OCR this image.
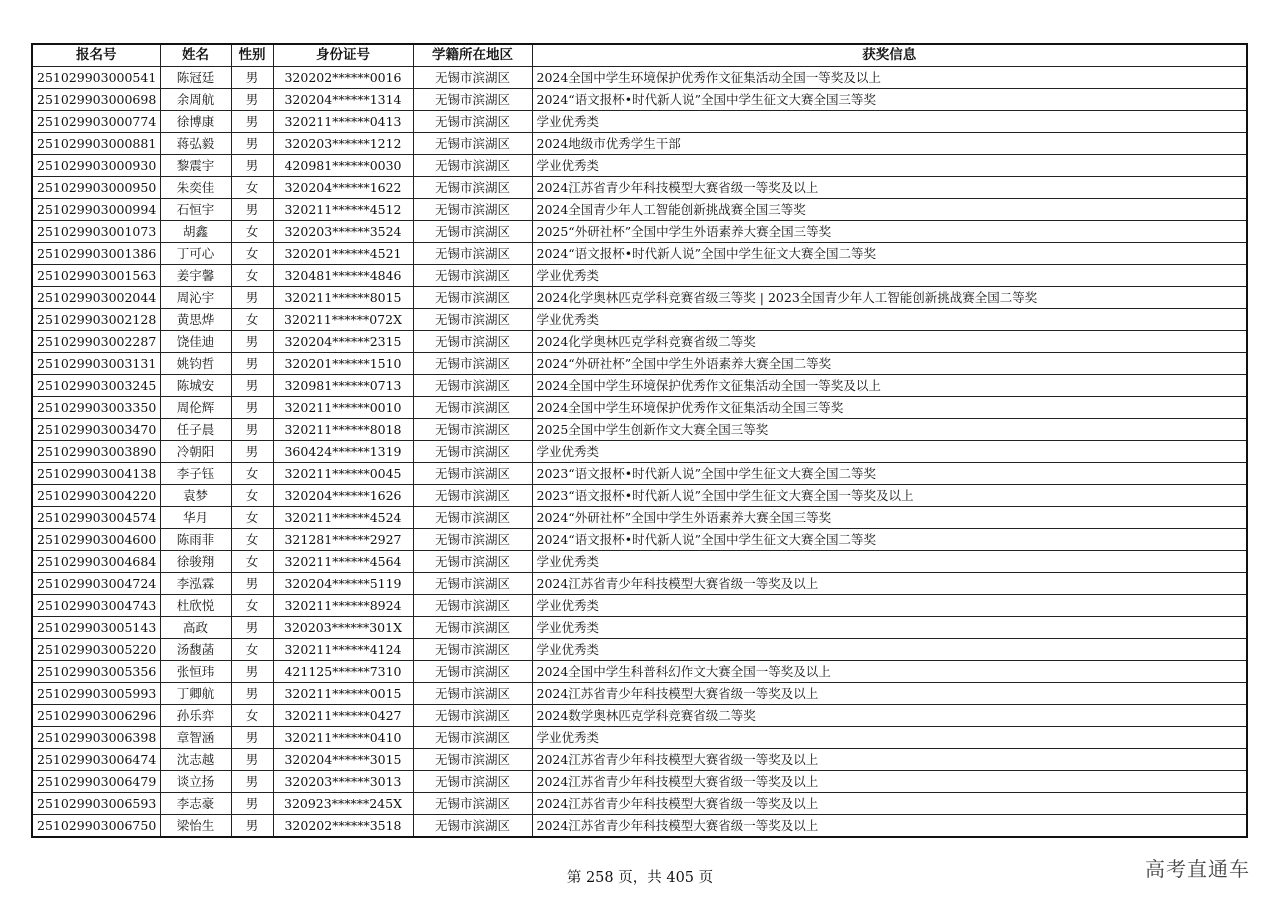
报名号	姓名	性别	身份证号	学籍所在地区	获奖信息
251029903000541	陈冠廷	男	320202******0016	无锡市滨湖区	2024全国中学生环境保护优秀作文征集活动全国一等奖及以上
251029903000698	余周航	男	320204******1314	无锡市滨湖区	2024“语文报杯•时代新人说”全国中学生征文大赛全国三等奖
251029903000774	徐博康	男	320211******0413	无锡市滨湖区	学业优秀类
251029903000881	蒋弘毅	男	320203******1212	无锡市滨湖区	2024地级市优秀学生干部
251029903000930	黎震宇	男	420981******0030	无锡市滨湖区	学业优秀类
251029903000950	朱奕佳	女	320204******1622	无锡市滨湖区	2024江苏省青少年科技模型大赛省级一等奖及以上
251029903000994	石恒宇	男	320211******4512	无锡市滨湖区	2024全国青少年人工智能创新挑战赛全国三等奖
251029903001073	胡鑫	女	320203******3524	无锡市滨湖区	2025“外研社杯”全国中学生外语素养大赛全国三等奖
251029903001386	丁可心	女	320201******4521	无锡市滨湖区	2024“语文报杯•时代新人说”全国中学生征文大赛全国二等奖
251029903001563	姜宇馨	女	320481******4846	无锡市滨湖区	学业优秀类
251029903002044	周沁宇	男	320211******8015	无锡市滨湖区	2024化学奥林匹克学科竞赛省级三等奖 | 2023全国青少年人工智能创新挑战赛全国二等奖
251029903002128	黄思烨	女	320211******072X	无锡市滨湖区	学业优秀类
251029903002287	饶佳迪	男	320204******2315	无锡市滨湖区	2024化学奥林匹克学科竞赛省级二等奖
251029903003131	姚钧哲	男	320201******1510	无锡市滨湖区	2024“外研社杯”全国中学生外语素养大赛全国二等奖
251029903003245	陈城安	男	320981******0713	无锡市滨湖区	2024全国中学生环境保护优秀作文征集活动全国一等奖及以上
251029903003350	周伦辉	男	320211******0010	无锡市滨湖区	2024全国中学生环境保护优秀作文征集活动全国三等奖
251029903003470	任子晨	男	320211******8018	无锡市滨湖区	2025全国中学生创新作文大赛全国三等奖
251029903003890	冷朝阳	男	360424******1319	无锡市滨湖区	学业优秀类
251029903004138	李子钰	女	320211******0045	无锡市滨湖区	2023“语文报杯•时代新人说”全国中学生征文大赛全国二等奖
251029903004220	袁梦	女	320204******1626	无锡市滨湖区	2023“语文报杯•时代新人说”全国中学生征文大赛全国一等奖及以上
251029903004574	华月	女	320211******4524	无锡市滨湖区	2024“外研社杯”全国中学生外语素养大赛全国三等奖
251029903004600	陈雨菲	女	321281******2927	无锡市滨湖区	2024“语文报杯•时代新人说”全国中学生征文大赛全国二等奖
251029903004684	徐骏翔	女	320211******4564	无锡市滨湖区	学业优秀类
251029903004724	李泓霖	男	320204******5119	无锡市滨湖区	2024江苏省青少年科技模型大赛省级一等奖及以上
251029903004743	杜欣悦	女	320211******8924	无锡市滨湖区	学业优秀类
251029903005143	高政	男	320203******301X	无锡市滨湖区	学业优秀类
251029903005220	汤馥菡	女	320211******4124	无锡市滨湖区	学业优秀类
251029903005356	张恒玮	男	421125******7310	无锡市滨湖区	2024全国中学生科普科幻作文大赛全国一等奖及以上
251029903005993	丁卿航	男	320211******0015	无锡市滨湖区	2024江苏省青少年科技模型大赛省级一等奖及以上
251029903006296	孙乐弈	女	320211******0427	无锡市滨湖区	2024数学奥林匹克学科竞赛省级二等奖
251029903006398	章智涵	男	320211******0410	无锡市滨湖区	学业优秀类
251029903006474	沈志越	男	320204******3015	无锡市滨湖区	2024江苏省青少年科技模型大赛省级一等奖及以上
251029903006479	谈立扬	男	320203******3013	无锡市滨湖区	2024江苏省青少年科技模型大赛省级一等奖及以上
251029903006593	李志豪	男	320923******245X	无锡市滨湖区	2024江苏省青少年科技模型大赛省级一等奖及以上
251029903006750	梁怡生	男	320202******3518	无锡市滨湖区	2024江苏省青少年科技模型大赛省级一等奖及以上
第 258 页，共 405 页	高考直通车
